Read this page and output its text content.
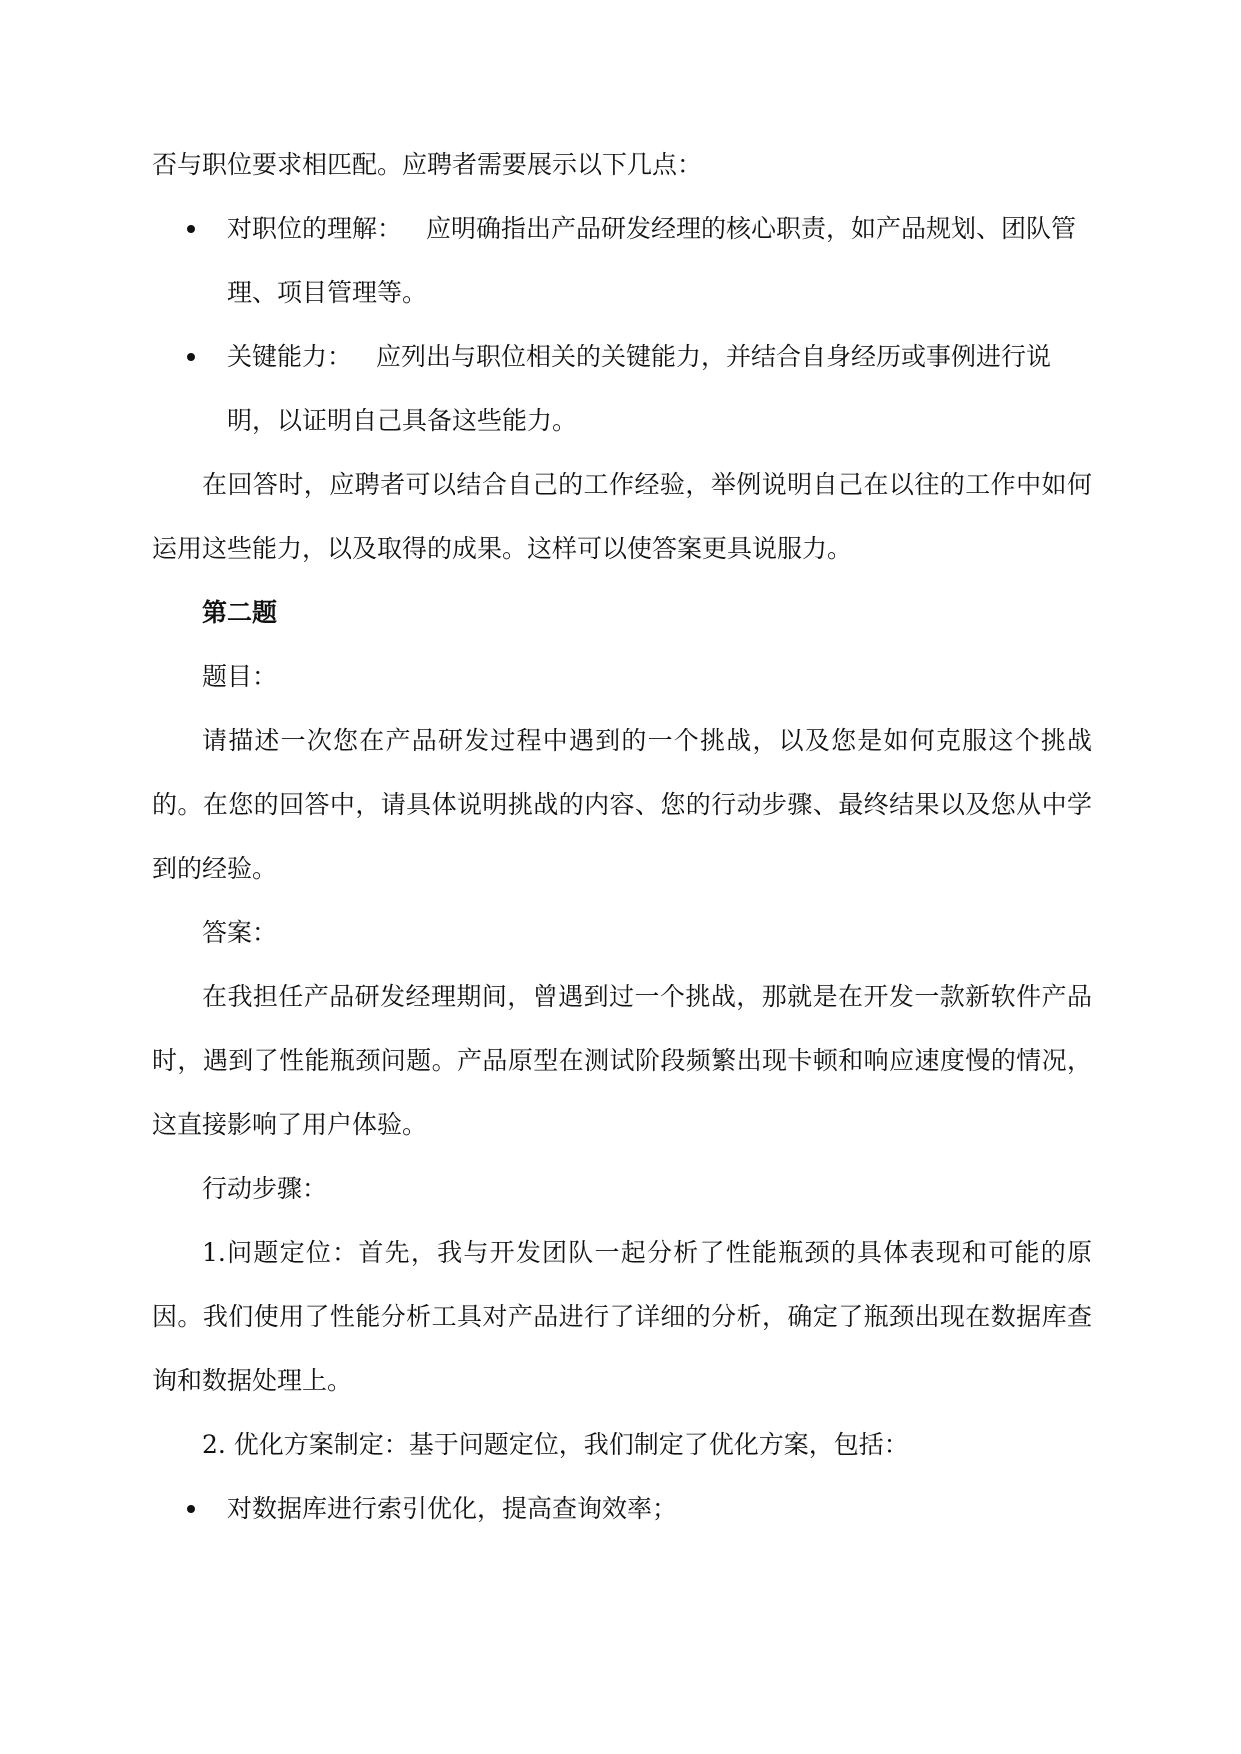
否与职位要求相匹配。应聘者需要展示以下几点：

对职位的理解： 应明确指出产品研发经理的核心职责，如产品规划、团队管理、项目管理等。
关键能力： 应列出与职位相关的关键能力，并结合自身经历或事例进行说明，以证明自己具备这些能力。

在回答时，应聘者可以结合自己的工作经验，举例说明自己在以往的工作中如何运用这些能力，以及取得的成果。这样可以使答案更具说服力。

第二题

题目：

请描述一次您在产品研发过程中遇到的一个挑战，以及您是如何克服这个挑战的。在您的回答中，请具体说明挑战的内容、您的行动步骤、最终结果以及您从中学到的经验。

答案：

在我担任产品研发经理期间，曾遇到过一个挑战，那就是在开发一款新软件产品时，遇到了性能瓶颈问题。产品原型在测试阶段频繁出现卡顿和响应速度慢的情况，这直接影响了用户体验。

行动步骤：

1.问题定位：首先，我与开发团队一起分析了性能瓶颈的具体表现和可能的原因。我们使用了性能分析工具对产品进行了详细的分析，确定了瓶颈出现在数据库查询和数据处理上。

2. 优化方案制定：基于问题定位，我们制定了优化方案，包括：

对数据库进行索引优化，提高查询效率；
